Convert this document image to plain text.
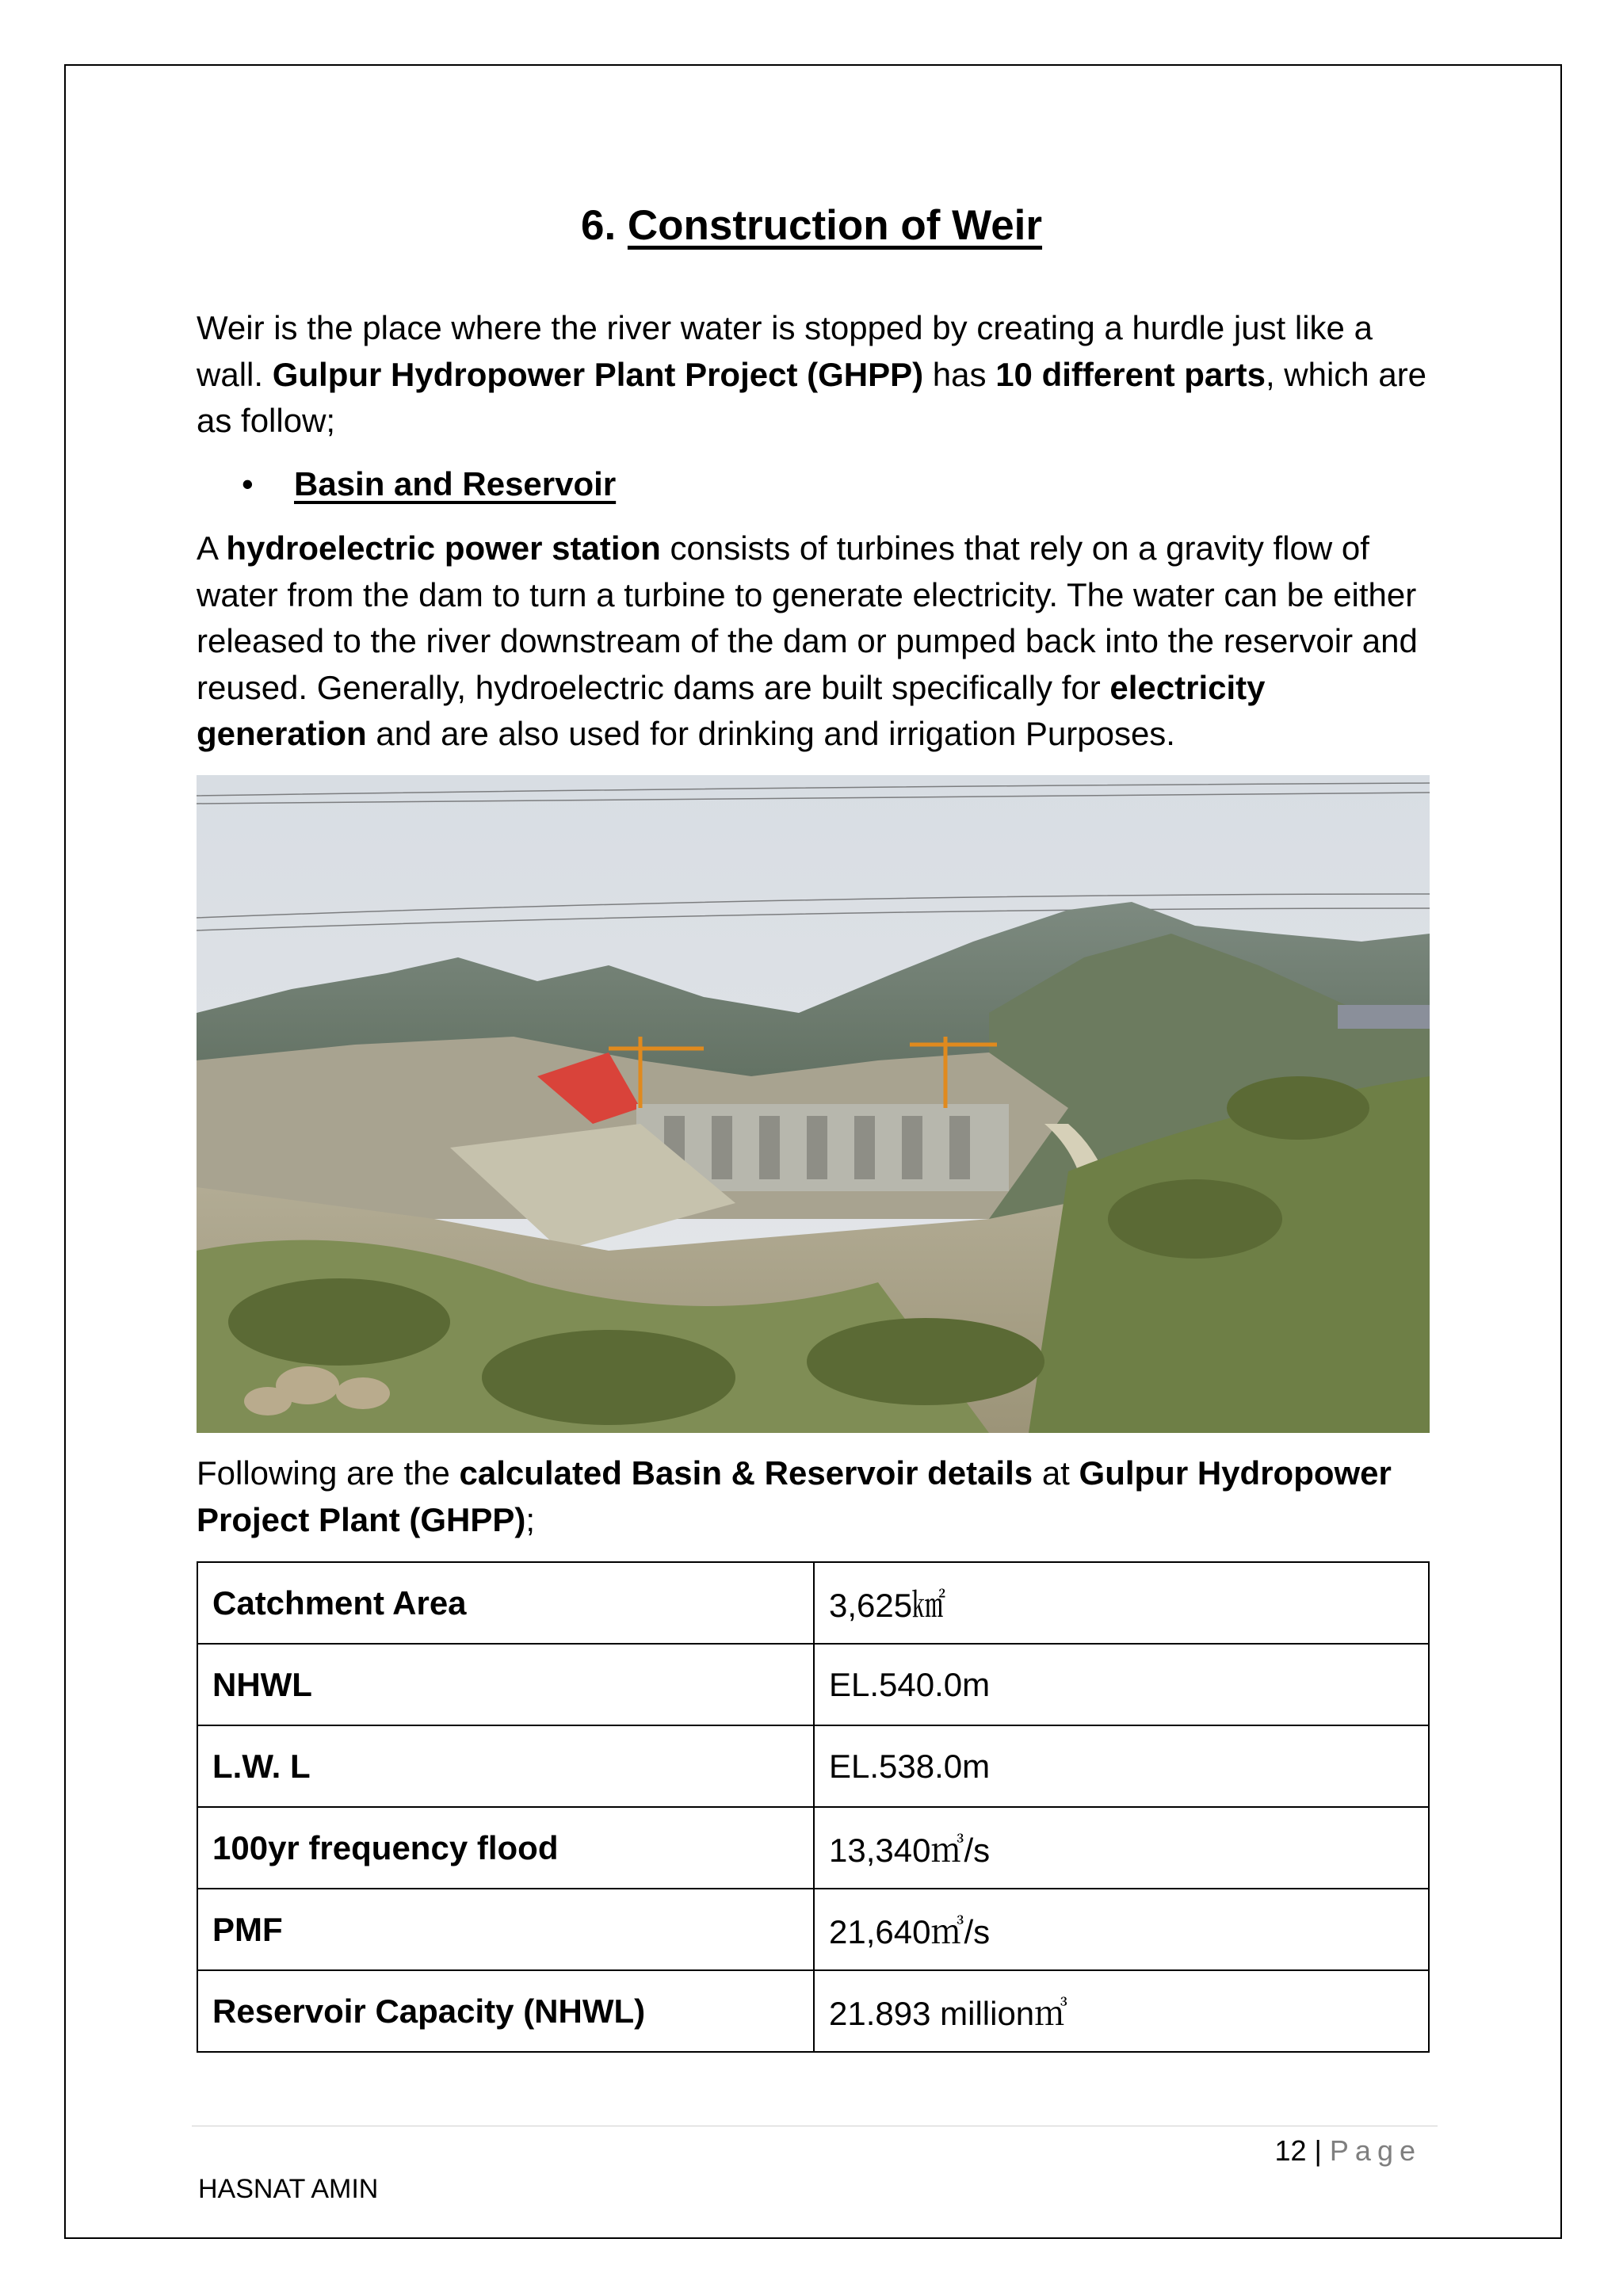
6. Construction of Weir

Weir is the place where the river water is stopped by creating a hurdle just like a wall. Gulpur Hydropower Plant Project (GHPP) has 10 different parts, which are as follow;

• Basin and Reservoir

A hydroelectric power station consists of turbines that rely on a gravity flow of water from the dam to turn a turbine to generate electricity. The water can be either released to the river downstream of the dam or pumped back into the reservoir and reused. Generally, hydroelectric dams are built specifically for electricity generation and are also used for drinking and irrigation Purposes.

Following are the calculated Basin & Reservoir details at Gulpur Hydropower Project Plant (GHPP);

Catchment Area	3,625㎢
NHWL	EL.540.0m
L.W. L	EL.538.0m
100yr frequency flood	13,340㎥/s
PMF	21,640㎥/s
Reservoir Capacity (NHWL)	21.893 million㎥
12 | Page
HASNAT AMIN
